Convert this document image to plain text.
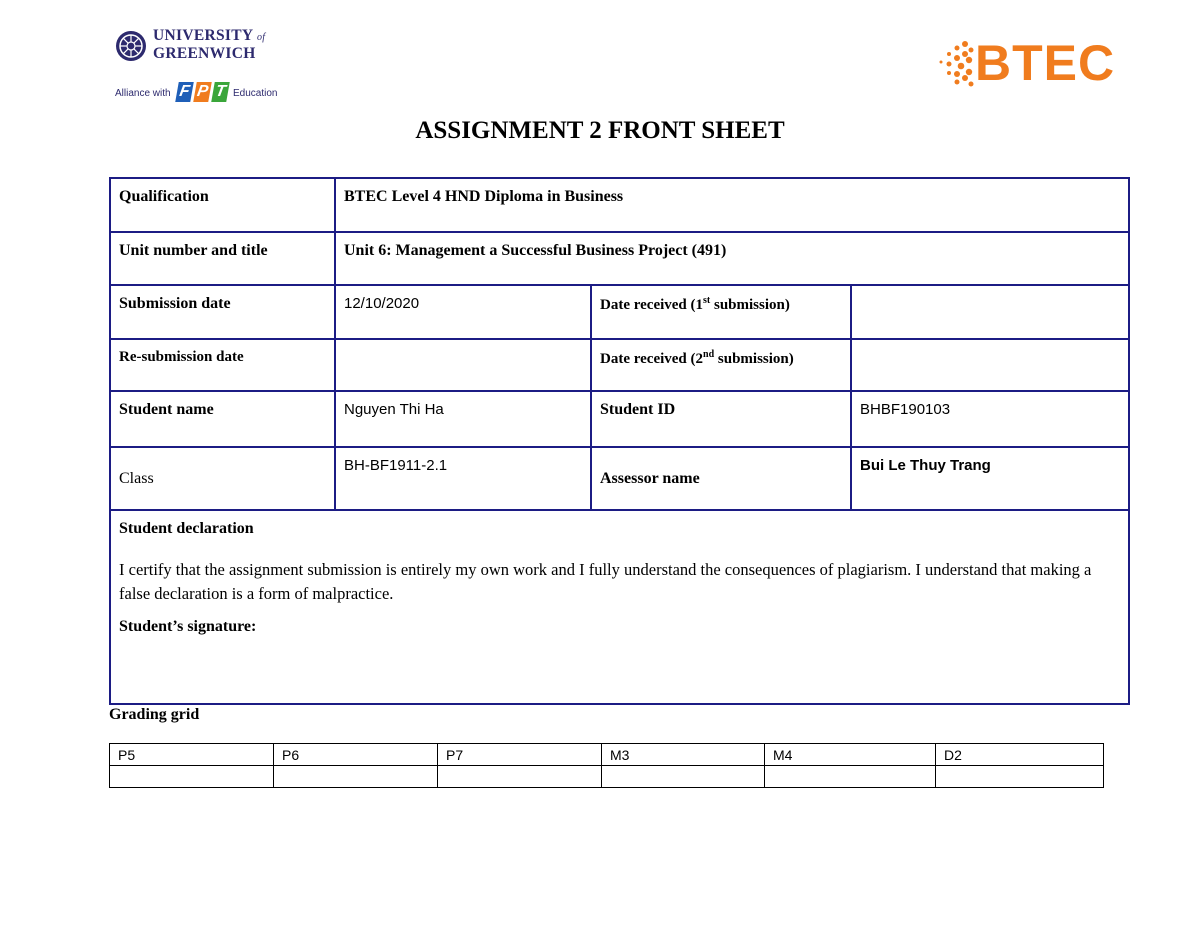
UNIVERSITY of
GREENWICH
Alliance with F P T Education
BTEC
ASSIGNMENT 2 FRONT SHEET
Qualification	BTEC Level 4 HND Diploma in Business		
Unit number and title	Unit 6: Management a Successful Business Project (491)		
Submission date	12/10/2020	Date received (1st submission)	
Re-submission date		Date received (2nd submission)	
Student name	Nguyen Thi Ha	Student ID	BHBF190103
Class	BH-BF1911-2.1	Assessor name	Bui Le Thuy Trang

Student declaration
I certify that the assignment submission is entirely my own work and I fully understand the consequences of plagiarism. I understand that making a false declaration is a form of malpractice.
Student’s signature:			
Grading grid
P5	P6	P7	M3	M4	D2
